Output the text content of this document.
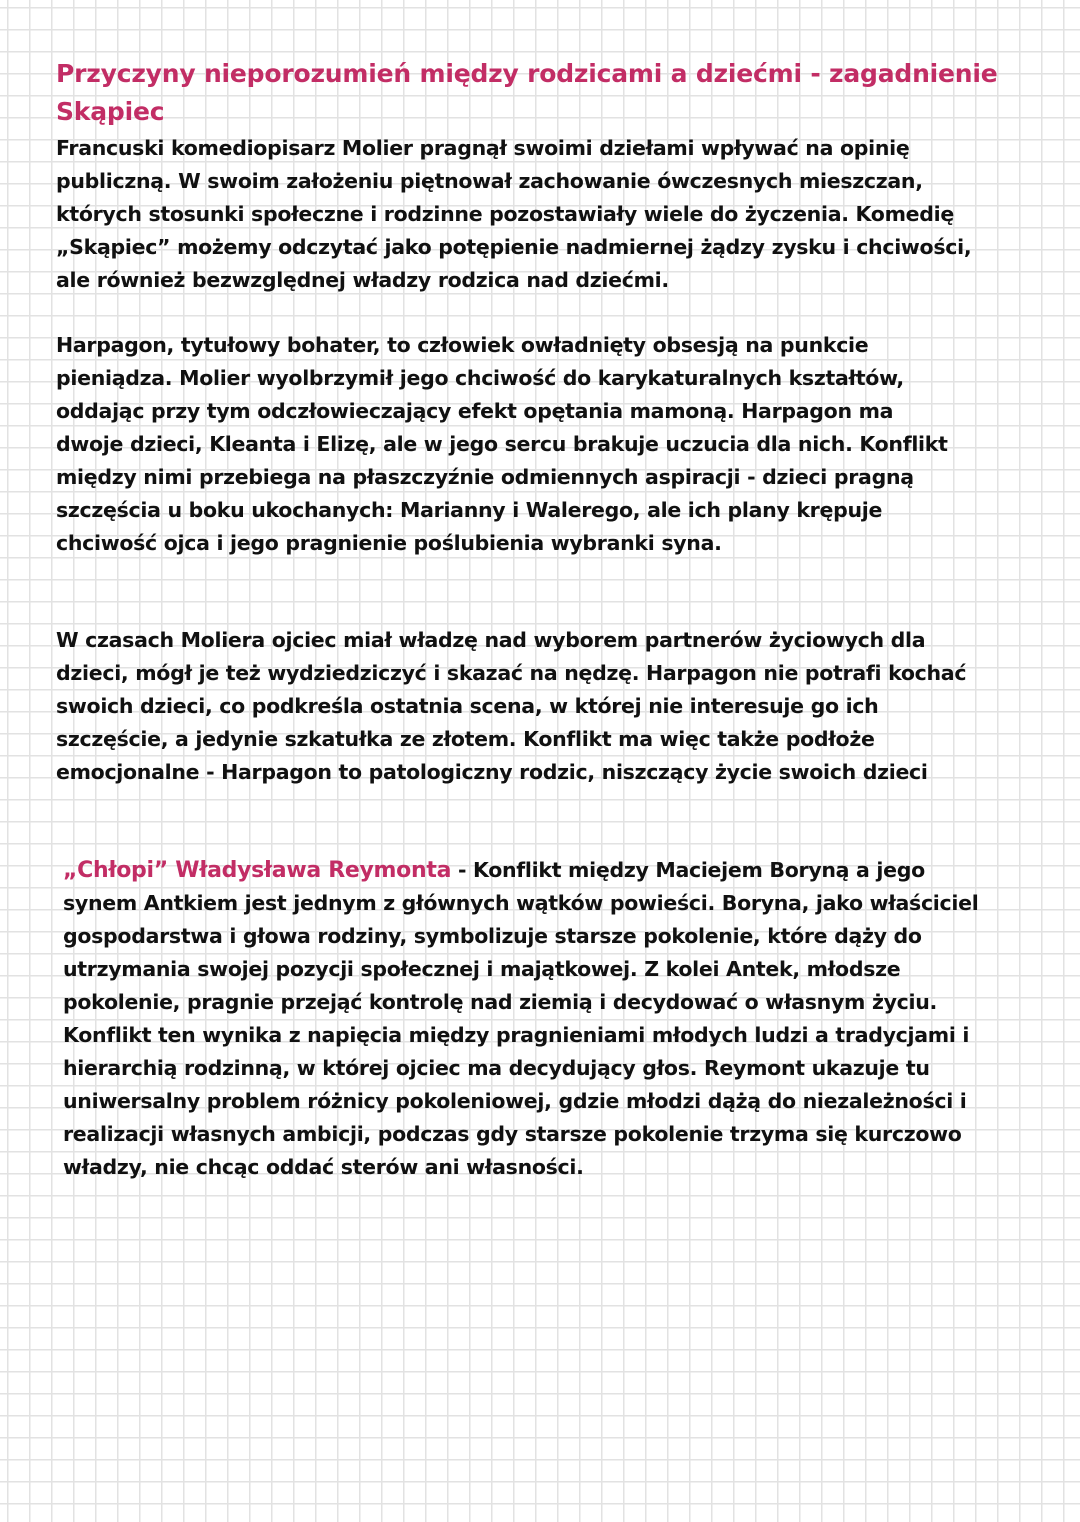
Przyczyny nieporozumień między rodzicami a dziećmi - zagadnienie
Skąpiec
Francuski komediopisarz Molier pragnął swoimi dziełami wpływać na opinię
publiczną. W swoim założeniu piętnował zachowanie ówczesnych mieszczan,
których stosunki społeczne i rodzinne pozostawiały wiele do życzenia. Komedię
„Skąpiec” możemy odczytać jako potępienie nadmiernej żądzy zysku i chciwości,
ale również bezwzględnej władzy rodzica nad dziećmi.
Harpagon, tytułowy bohater, to człowiek owładnięty obsesją na punkcie
pieniądza. Molier wyolbrzymił jego chciwość do karykaturalnych kształtów,
oddając przy tym odczłowieczający efekt opętania mamoną. Harpagon ma
dwoje dzieci, Kleanta i Elizę, ale w jego sercu brakuje uczucia dla nich. Konflikt
między nimi przebiega na płaszczyźnie odmiennych aspiracji - dzieci pragną
szczęścia u boku ukochanych: Marianny i Walerego, ale ich plany krępuje
chciwość ojca i jego pragnienie poślubienia wybranki syna.
W czasach Moliera ojciec miał władzę nad wyborem partnerów życiowych dla
dzieci, mógł je też wydziedziczyć i skazać na nędzę. Harpagon nie potrafi kochać
swoich dzieci, co podkreśla ostatnia scena, w której nie interesuje go ich
szczęście, a jedynie szkatułka ze złotem. Konflikt ma więc także podłoże
emocjonalne - Harpagon to patologiczny rodzic, niszczący życie swoich dzieci
„Chłopi” Władysława Reymonta - Konflikt między Maciejem Boryną a jego
synem Antkiem jest jednym z głównych wątków powieści. Boryna, jako właściciel
gospodarstwa i głowa rodziny, symbolizuje starsze pokolenie, które dąży do
utrzymania swojej pozycji społecznej i majątkowej. Z kolei Antek, młodsze
pokolenie, pragnie przejąć kontrolę nad ziemią i decydować o własnym życiu.
Konflikt ten wynika z napięcia między pragnieniami młodych ludzi a tradycjami i
hierarchią rodzinną, w której ojciec ma decydujący głos. Reymont ukazuje tu
uniwersalny problem różnicy pokoleniowej, gdzie młodzi dążą do niezależności i
realizacji własnych ambicji, podczas gdy starsze pokolenie trzyma się kurczowo
władzy, nie chcąc oddać sterów ani własności.
